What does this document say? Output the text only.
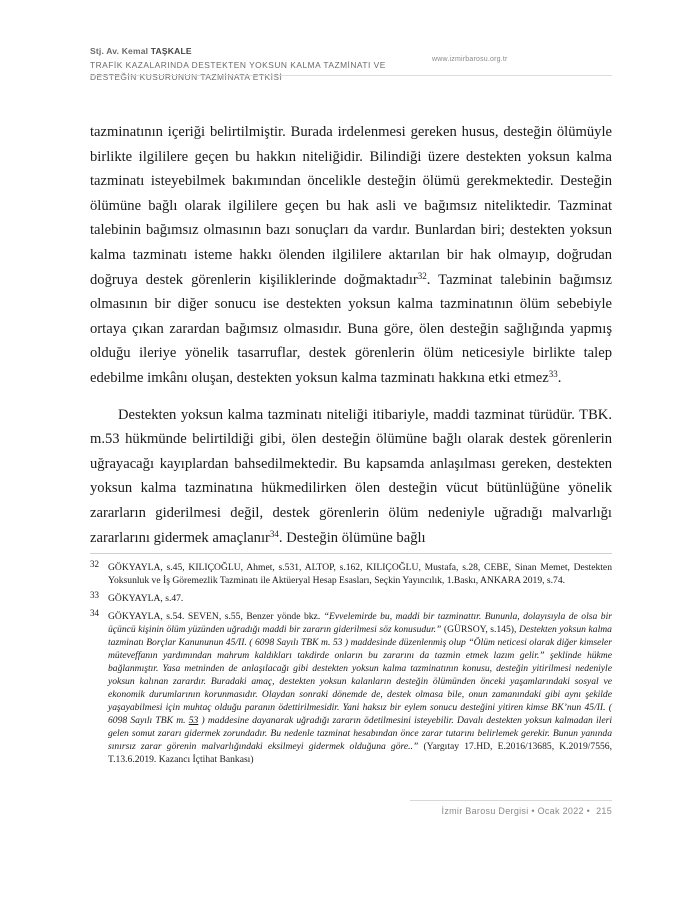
Stj. Av. Kemal TAŞKALE
TRAFİK KAZALARINDA DESTEKTEN YOKSUN KALMA TAZMİNATI VE
DESTEĞİN KUSURUNUN TAZMİNATA ETKİSİ
www.izmirbarosu.org.tr

tazminatının içeriği belirtilmiştir. Burada irdelenmesi gereken husus, desteğin ölümüyle birlikte ilgililere geçen bu hakkın niteliğidir. Bilindiği üzere destekten yoksun kalma tazminatı isteyebilmek bakımından öncelikle desteğin ölümü gerekmektedir. Desteğin ölümüne bağlı olarak ilgililere geçen bu hak asli ve bağımsız niteliktedir. Tazminat talebinin bağımsız olmasının bazı sonuçları da vardır. Bunlardan biri; destekten yoksun kalma tazminatı isteme hakkı ölenden ilgililere aktarılan bir hak olmayıp, doğrudan doğruya destek görenlerin kişiliklerinde doğmaktadır$^{32}$. Tazminat talebinin bağımsız olmasının bir diğer sonucu ise destekten yoksun kalma tazminatının ölüm sebebiyle ortaya çıkan zarardan bağımsız olmasıdır. Buna göre, ölen desteğin sağlığında yapmış olduğu ileriye yönelik tasarruflar, destek görenlerin ölüm neticesiyle birlikte talep edebilme imkânı oluşan, destekten yoksun kalma tazminatı hakkına etki etmez$^{33}$.

Destekten yoksun kalma tazminatı niteliği itibariyle, maddi tazminat türüdür. TBK. m.53 hükmünde belirtildiği gibi, ölen desteğin ölümüne bağlı olarak destek görenlerin uğrayacağı kayıplardan bahsedilmektedir. Bu kapsamda anlaşılması gereken, destekten yoksun kalma tazminatına hükmedilirken ölen desteğin vücut bütünlüğüne yönelik zararların giderilmesi değil, destek görenlerin ölüm nedeniyle uğradığı malvarlığı zararlarını gidermek amaçlanır$^{34}$. Desteğin ölümüne bağlı

$^{32}$ GÖKYAYLA, s.45, KILIÇOĞLU, Ahmet, s.531, ALTOP, s.162, KILIÇOĞLU, Mustafa, s.28, CEBE, Sinan Memet, Destekten Yoksunluk ve İş Göremezlik Tazminatı ile Aktüeryal Hesap Esasları, Seçkin Yayıncılık, 1.Baskı, ANKARA 2019, s.74.
$^{33}$ GÖKYAYLA, s.47.
$^{34}$ GÖKYAYLA, s.54. SEVEN, s.55, Benzer yönde bkz. “Evvelemirde bu, maddi bir tazminattır. Bununla, dolayısıyla de olsa bir üçüncü kişinin ölüm yüzünden uğradığı maddi bir zararın giderilmesi söz konusudur.” (GÜRSOY, s.145), Destekten yoksun kalma tazminatı Borçlar Kanununun 45/II. ( 6098 Sayılı TBK m. 53 ) maddesinde düzenlenmiş olup “Ölüm neticesi olarak diğer kimseler müteveffanın yardımından mahrum kaldıkları takdirde onların bu zararını da tazmin etmek lazım gelir.” şeklinde hükme bağlanmıştır. Yasa metninden de anlaşılacağı gibi destekten yoksun kalma tazminatının konusu, desteğin yitirilmesi nedeniyle yoksun kalınan zarardır. Buradaki amaç, destekten yoksun kalanların desteğin ölümünden önceki yaşamlarındaki sosyal ve ekonomik durumlarının korunmasıdır. Olaydan sonraki dönemde de, destek olmasa bile, onun zamanındaki gibi aynı şekilde yaşayabilmesi için muhtaç olduğu paranın ödettirilmesidir. Yani haksız bir eylem sonucu desteğini yitiren kimse BK’nun 45/II. ( 6098 Sayılı TBK m. 53 ) maddesine dayanarak uğradığı zararın ödetilmesini isteyebilir. Davalı destekten yoksun kalmadan ileri gelen somut zararı gidermek zorundadır. Bu nedenle tazminat hesabından önce zarar tutarını belirlemek gerekir. Bunun yanında sınırsız zarar görenin malvarlığındaki eksilmeyi gidermek olduğuna göre..” (Yargıtay 17.HD, E.2016/13685, K.2019/7556, T.13.6.2019. Kazancı İçtihat Bankası)
İzmir Barosu Dergisi • Ocak 2022 • 215
